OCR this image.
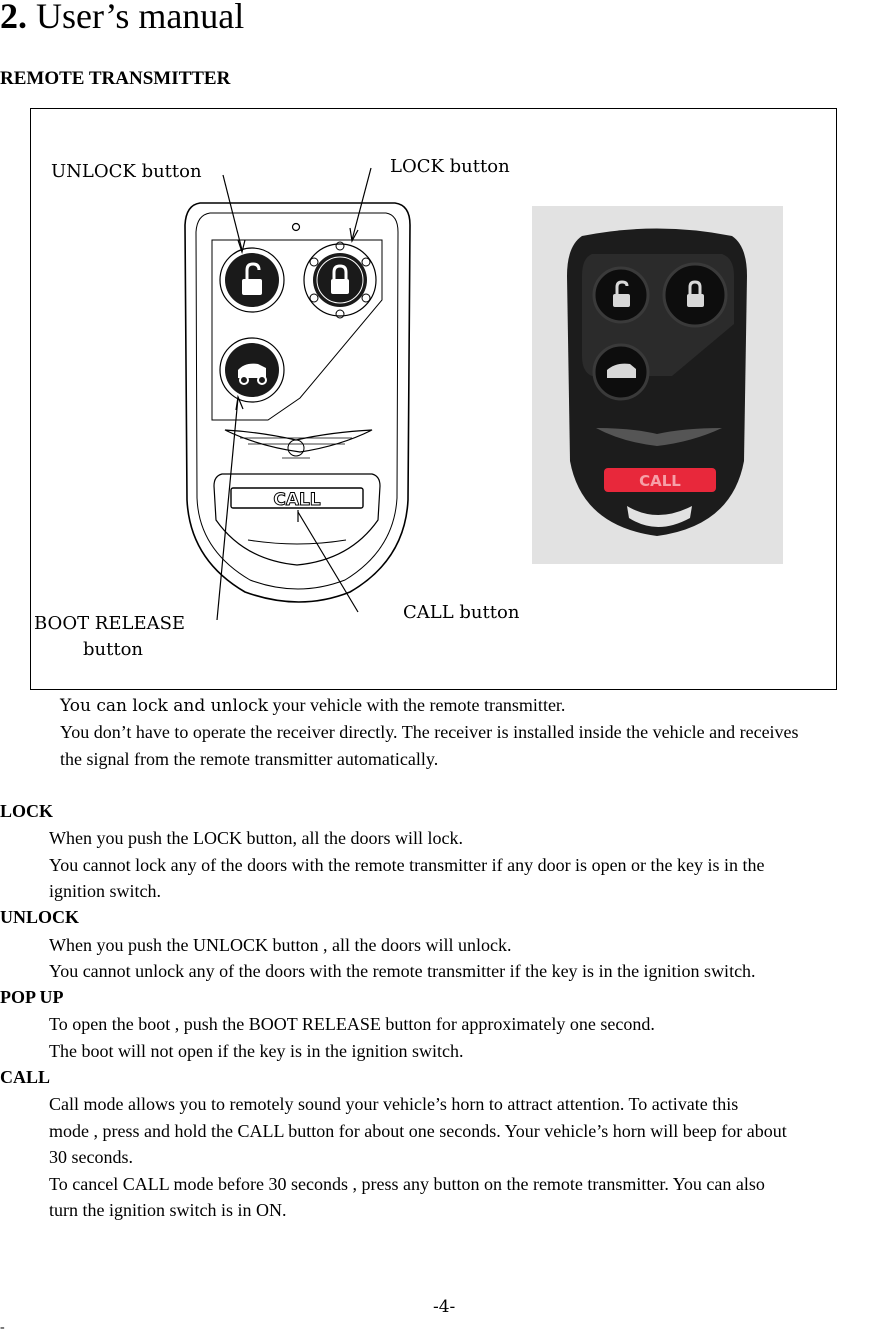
2. User’s manual
REMOTE TRANSMITTER
CALL
CALL
UNLOCK button	LOCK button
BOOT RELEASE
button
CALL button
You can lock and unlock your vehicle with the remote transmitter.
You don’t have to operate the receiver directly. The receiver is installed inside the vehicle and receives
the signal from the remote transmitter automatically.
LOCK
When you push the LOCK button, all the doors will lock.
You cannot lock any of the doors with the remote transmitter if any door is open or the key is in the
ignition switch.
UNLOCK
When you push the UNLOCK button , all the doors will unlock.
You cannot unlock any of the doors with the remote transmitter if the key is in the ignition switch.
POP UP
To open the boot , push the BOOT RELEASE button for approximately one second.
The boot will not open if the key is in the ignition switch.
CALL
Call mode allows you to remotely sound your vehicle’s horn to attract attention. To activate this
mode , press and hold the CALL button for about one seconds. Your vehicle’s horn will beep for about
30 seconds.
To cancel CALL mode before 30 seconds , press any button on the remote transmitter. You can also
turn the ignition switch is in ON.
-4-
-
